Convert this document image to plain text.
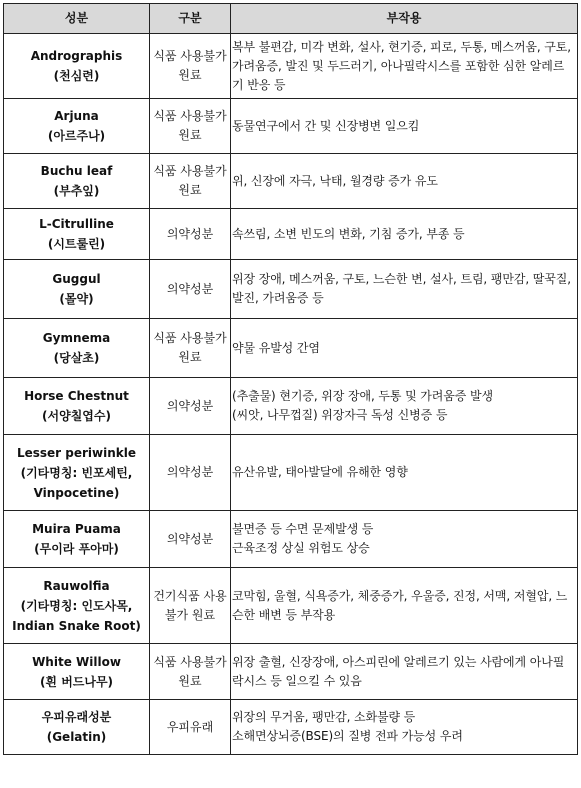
성분	구분	부작용

Andrographis
(천심련)	식품 사용불가 원료	복부 불편감, 미각 변화, 설사, 현기증, 피로, 두통, 메스꺼움, 구토, 가려움증, 발진 및 두드러기, 아나필락시스를 포함한 심한 알레르기 반응 등

Arjuna
(아르주나)	식품 사용불가 원료	동물연구에서 간 및 신장병변 일으킴

Buchu leaf
(부추잎)	식품 사용불가 원료	위, 신장에 자극, 낙태, 월경량 증가 유도

L-Citrulline
(시트룰린)	의약성분	속쓰림, 소변 빈도의 변화, 기침 증가, 부종 등

Guggul
(몰약)	의약성분	위장 장애, 메스꺼움, 구토, 느슨한 변, 설사, 트림, 팽만감, 딸꾹질, 발진, 가려움증 등

Gymnema
(당살초)	식품 사용불가 원료	약물 유발성 간염

Horse Chestnut
(서양칠엽수)	의약성분	(추출물) 현기증, 위장 장애, 두통 및 가려움증 발생
(씨앗, 나무껍질) 위장자극 독성 신병증 등

Lesser periwinkle
(기타명칭: 빈포세틴,
Vinpocetine)	의약성분	유산유발, 태아발달에 유해한 영향

Muira Puama
(무이라 푸아마)	의약성분	불면증 등 수면 문제발생 등
근육조정 상실 위험도 상승

Rauwolfia
(기타명칭: 인도사목,
Indian Snake Root)	건기식품 사용불가 원료	코막힘, 울혈, 식욕증가, 체중증가, 우울증, 진정, 서맥, 저혈압, 느슨한 배변 등 부작용

White Willow
(흰 버드나무)	식품 사용불가 원료	위장 출혈, 신장장애, 아스피린에 알레르기 있는 사람에게 아나필락시스 등 일으킬 수 있음

우피유래성분
(Gelatin)	우피유래	위장의 무거움, 팽만감, 소화불량 등
소해면상뇌증(BSE)의 질병 전파 가능성 우려
